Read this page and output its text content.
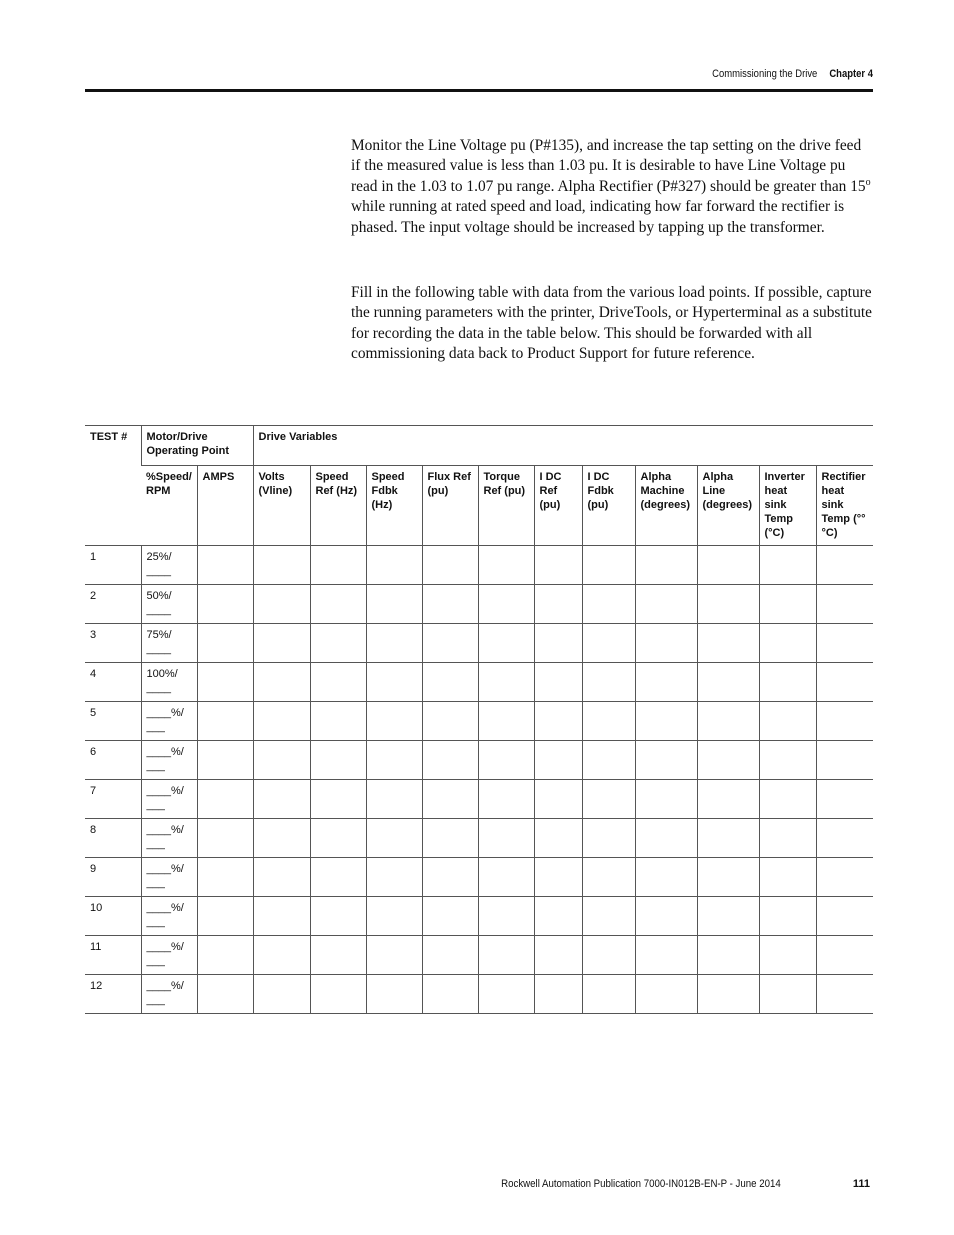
Commissioning the Drive Chapter 4

Monitor the Line Voltage pu (P#135), and increase the tap setting on the drive feed if the measured value is less than 1.03 pu. It is desirable to have Line Voltage pu read in the 1.03 to 1.07 pu range. Alpha Rectifier (P#327) should be greater than 15$^o$ while running at rated speed and load, indicating how far forward the rectifier is phased. The input voltage should be increased by tapping up the transformer.

Fill in the following table with data from the various load points. If possible, capture the running parameters with the printer, DriveTools, or Hyperterminal as a substitute for recording the data in the table below. This should be forwarded with all commissioning data back to Product Support for future reference.

TEST #	Motor/Drive Operating Point		Drive Variables										
	%Speed/ RPM	AMPS	Volts (Vline)	Speed Ref (Hz)	Speed Fdbk (Hz)	Flux Ref (pu)	Torque Ref (pu)	I DC Ref (pu)	I DC Fdbk (pu)	Alpha Machine (degrees)	Alpha Line (degrees)	Inverter heat sink Temp (°C)	Rectifier heat sink Temp (°°°C)
1	25%/
____												

2	50%/
____												

3	75%/
____												

4	100%/
____												

5	____%/
___												

6	____%/
___												

7	____%/
___												

8	____%/
___												

9	____%/
___												

10	____%/
___												

11	____%/
___												

12	____%/
___												

Rockwell Automation Publication 7000-IN012B-EN-P - June 2014	111
